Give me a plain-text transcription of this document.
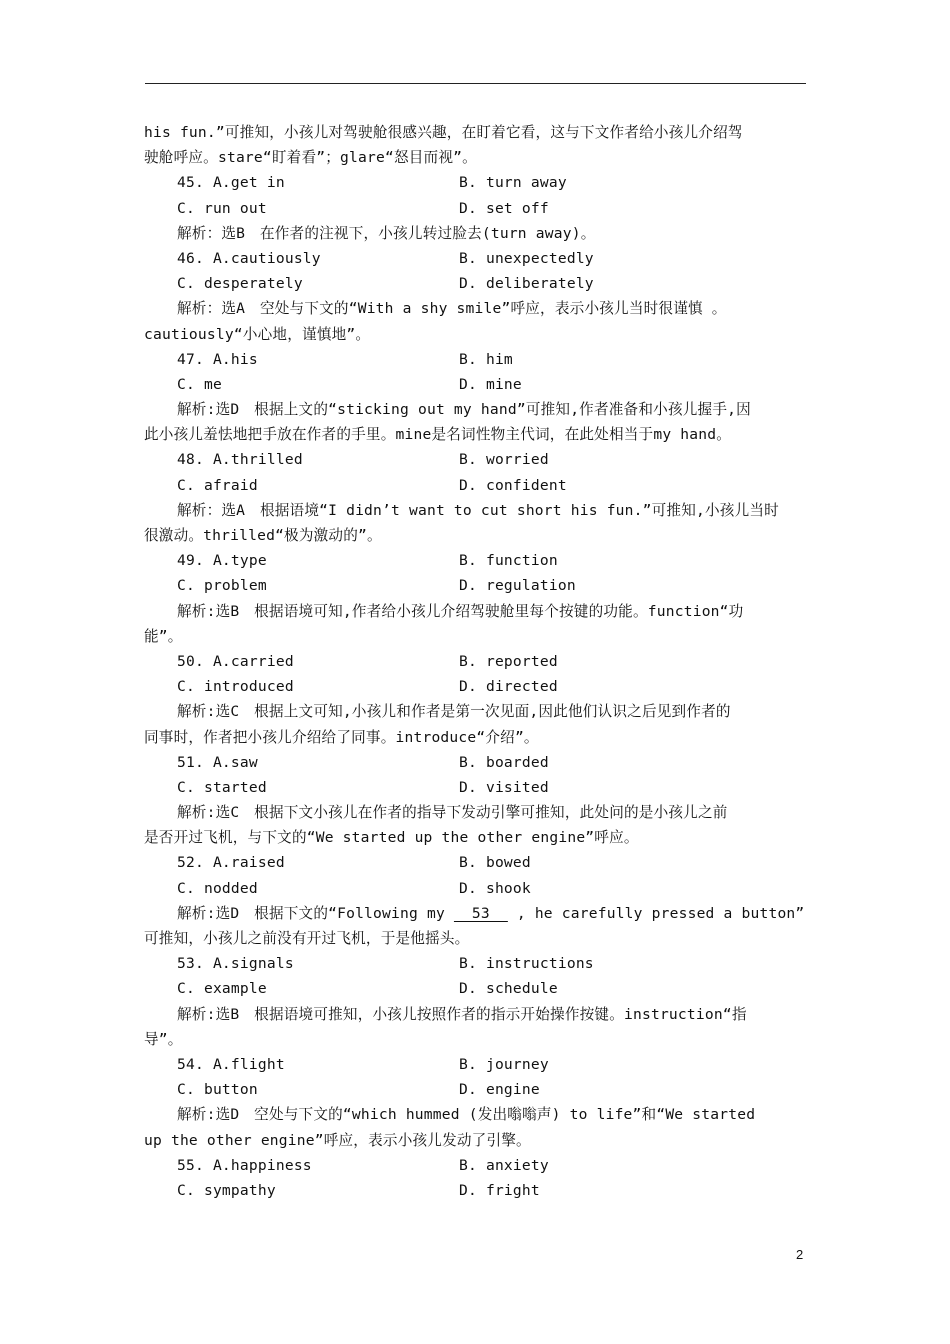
his fun.”可推知，小孩儿对驾驶舱很感兴趣，在盯着它看，这与下文作者给小孩儿介绍驾
驶舱呼应。stare“盯着看”；glare“怒目而视”。
45. A.get in	B. turn away
C. run out	D. set off
解析：选B　在作者的注视下，小孩儿转过脸去(turn away)。
46. A.cautiously	B. unexpectedly
C. desperately	D. deliberately
解析：选A　空处与下文的“With a shy smile”呼应，表示小孩儿当时很谨慎 。
cautiously“小心地，谨慎地”。
47. A.his	B. him
C. me	D. mine
解析:选D　根据上文的“sticking out my hand”可推知,作者准备和小孩儿握手,因
此小孩儿羞怯地把手放在作者的手里。mine是名词性物主代词，在此处相当于my hand。
48. A.thrilled	B. worried
C. afraid	D. confident
解析：选A　根据语境“I didn’t want to cut short his fun.”可推知,小孩儿当时
很激动。thrilled“极为激动的”。
49. A.type	B. function
C. problem	D. regulation
解析:选B　根据语境可知,作者给小孩儿介绍驾驶舱里每个按键的功能。function“功
能”。
50. A.carried	B. reported
C. introduced	D. directed
解析:选C　根据上文可知,小孩儿和作者是第一次见面,因此他们认识之后见到作者的
同事时，作者把小孩儿介绍给了同事。introduce“介绍”。
51. A.saw	B. boarded
C. started	D. visited
解析:选C　根据下文小孩儿在作者的指导下发动引擎可推知，此处问的是小孩儿之前
是否开过飞机，与下文的“We started up the other engine”呼应。
52. A.raised	B. bowed
C. nodded	D. shook
解析:选D　根据下文的“Following my   53   , he carefully pressed a button”
可推知，小孩儿之前没有开过飞机，于是他摇头。
53. A.signals	B. instructions
C. example	D. schedule
解析:选B　根据语境可推知，小孩儿按照作者的指示开始操作按键。instruction“指
导”。
54. A.flight	B. journey
C. button	D. engine
解析:选D　空处与下文的“which hummed (发出嗡嗡声) to life”和“We started
up the other engine”呼应，表示小孩儿发动了引擎。
55. A.happiness	B. anxiety
C. sympathy	D. fright
2
